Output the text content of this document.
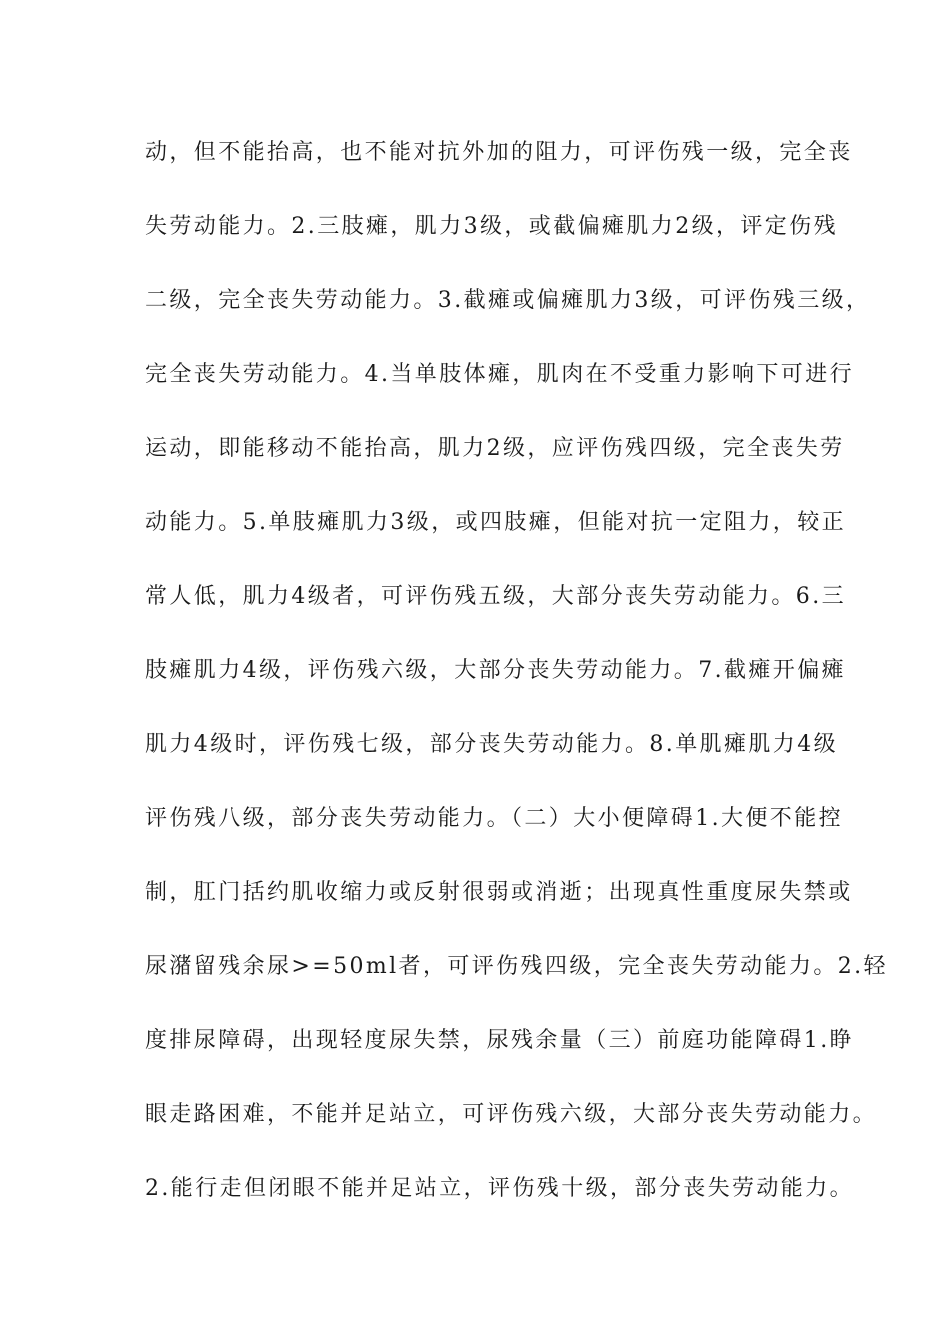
动，但不能抬高，也不能对抗外加的阻力，可评伤残一级，完全丧
失劳动能力。2.三肢瘫，肌力3级，或截偏瘫肌力2级，评定伤残
二级，完全丧失劳动能力。3.截瘫或偏瘫肌力3级，可评伤残三级，
完全丧失劳动能力。4.当单肢体瘫，肌肉在不受重力影响下可进行
运动，即能移动不能抬高，肌力2级，应评伤残四级，完全丧失劳
动能力。5.单肢瘫肌力3级，或四肢瘫，但能对抗一定阻力，较正
常人低，肌力4级者，可评伤残五级，大部分丧失劳动能力。6.三
肢瘫肌力4级，评伤残六级，大部分丧失劳动能力。7.截瘫开偏瘫
肌力4级时，评伤残七级，部分丧失劳动能力。8.单肌瘫肌力4级
评伤残八级，部分丧失劳动能力。（二）大小便障碍1.大便不能控
制，肛门括约肌收缩力或反射很弱或消逝；出现真性重度尿失禁或
尿潴留残余尿>=50ml者，可评伤残四级，完全丧失劳动能力。2.轻
度排尿障碍，出现轻度尿失禁，尿残余量（三）前庭功能障碍1.睁
眼走路困难，不能并足站立，可评伤残六级，大部分丧失劳动能力。
2.能行走但闭眼不能并足站立，评伤残十级，部分丧失劳动能力。
